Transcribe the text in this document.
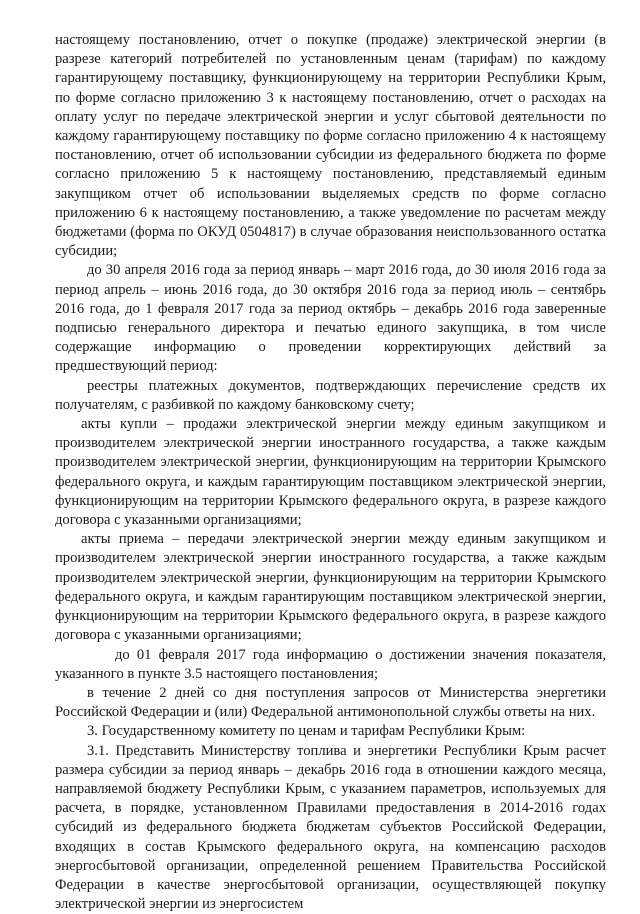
настоящему постановлению, отчет о покупке (продаже) электрической энергии (в разрезе категорий потребителей по установленным ценам (тарифам) по каждому гарантирующему поставщику, функционирующему на территории Республики Крым, по форме согласно приложению 3 к настоящему постановлению, отчет о расходах на оплату услуг по передаче электрической энергии и услуг сбытовой деятельности по каждому гарантирующему поставщику по форме согласно приложению 4 к настоящему постановлению, отчет об использовании субсидии из федерального бюджета по форме согласно приложению 5 к настоящему постановлению, представляемый единым закупщиком отчет об использовании выделяемых средств по форме согласно приложению 6 к настоящему постановлению, а также уведомление по расчетам между бюджетами (форма по ОКУД 0504817) в случае образования неиспользованного остатка субсидии;

до 30 апреля 2016 года за период январь – март 2016 года, до 30 июля 2016 года за период апрель – июнь 2016 года, до 30 октября 2016 года за период июль – сентябрь 2016 года, до 1 февраля 2017 года за период октябрь – декабрь 2016 года заверенные подписью генерального директора и печатью единого закупщика, в том числе содержащие информацию о проведении корректирующих действий за предшествующий период:

реестры платежных документов, подтверждающих перечисление средств их получателям, с разбивкой по каждому банковскому счету;

акты купли – продажи электрической энергии между единым закупщиком и производителем электрической энергии иностранного государства, а также каждым производителем электрической энергии, функционирующим на территории Крымского федерального округа, и каждым гарантирующим поставщиком электрической энергии, функционирующим на территории Крымского федерального округа, в разрезе каждого договора с указанными организациями;

акты приема – передачи электрической энергии между единым закупщиком и производителем электрической энергии иностранного государства, а также каждым производителем электрической энергии, функционирующим на территории Крымского федерального округа, и каждым гарантирующим поставщиком электрической энергии, функционирующим на территории Крымского федерального округа, в разрезе каждого договора с указанными организациями;

до 01 февраля 2017 года информацию о достижении значения показателя, указанного в пункте 3.5 настоящего постановления;

в течение 2 дней со дня поступления запросов от Министерства энергетики Российской Федерации и (или) Федеральной антимонопольной службы ответы на них.

3. Государственному комитету по ценам и тарифам Республики Крым:

3.1. Представить Министерству топлива и энергетики Республики Крым расчет размера субсидии за период январь – декабрь 2016 года в отношении каждого месяца, направляемой бюджету Республики Крым, с указанием параметров, используемых для расчета, в порядке, установленном Правилами предоставления в 2014-2016 годах субсидий из федерального бюджета бюджетам субъектов Российской Федерации, входящих в состав Крымского федерального округа, на компенсацию расходов энергосбытовой организации, определенной решением Правительства Российской Федерации в качестве энергосбытовой организации, осуществляющей покупку электрической энергии из энергосистем
